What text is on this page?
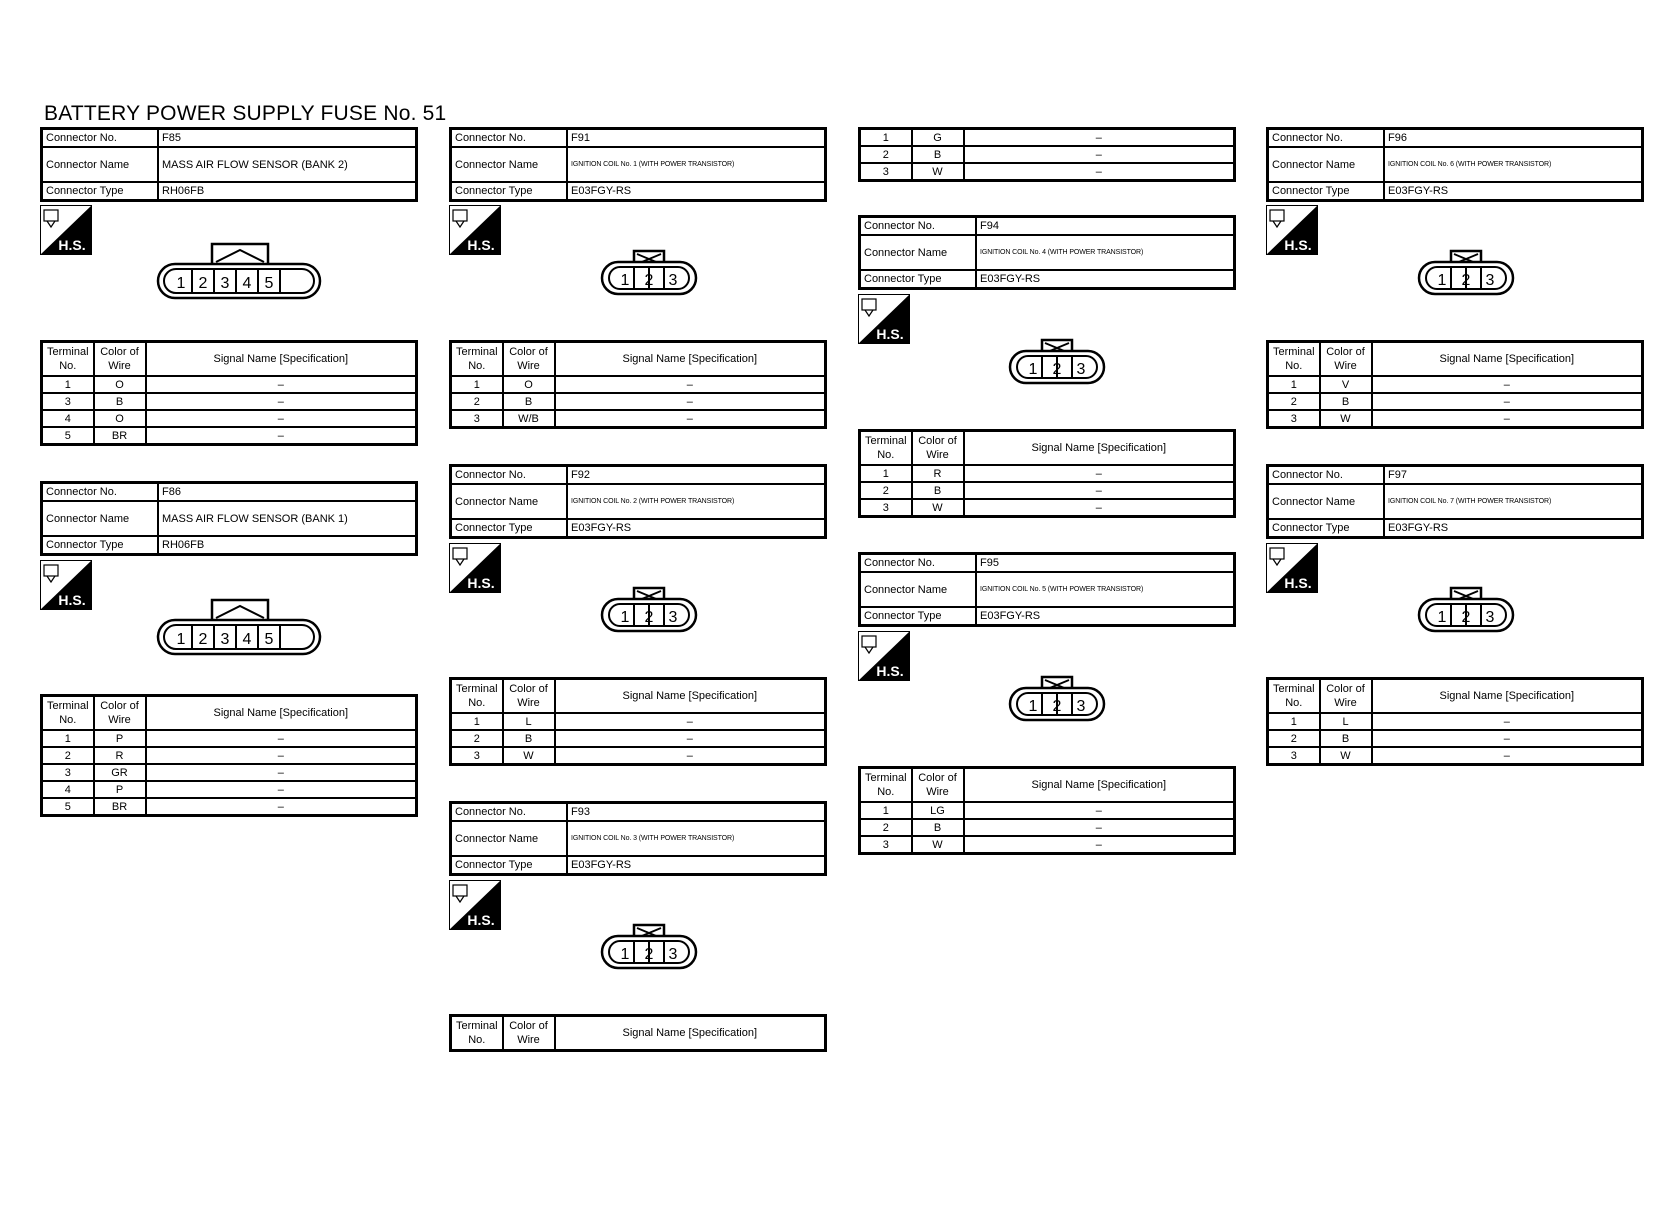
BATTERY POWER SUPPLY FUSE No. 51
Connector No.	F85
Connector Name	MASS AIR FLOW SENSOR (BANK 2)
Connector Type	RH06FB
H.S.
1 2 3 4 5
Terminal No.	Color of Wire	Signal Name [Specification]
1	O	–
3	B	–
4	O	–
5	BR	–
Connector No.	F86
Connector Name	MASS AIR FLOW SENSOR (BANK 1)
Connector Type	RH06FB
H.S.
1 2 3 4 5
Terminal No.	Color of Wire	Signal Name [Specification]
1	P	–
2	R	–
3	GR	–
4	P	–
5	BR	–
Connector No.	F91
Connector Name	IGNITION COIL No. 1 (WITH POWER TRANSISTOR)
Connector Type	E03FGY-RS
H.S.
1 2 3
Terminal No.	Color of Wire	Signal Name [Specification]
1	O	–
2	B	–
3	W/B	–
Connector No.	F92
Connector Name	IGNITION COIL No. 2 (WITH POWER TRANSISTOR)
Connector Type	E03FGY-RS
H.S.
1 2 3
Terminal No.	Color of Wire	Signal Name [Specification]
1	L	–
2	B	–
3	W	–
Connector No.	F93
Connector Name	IGNITION COIL No. 3 (WITH POWER TRANSISTOR)
Connector Type	E03FGY-RS
H.S.
1 2 3
Terminal No.	Color of Wire	Signal Name [Specification]
1	G	–
2	B	–
3	W	–
Connector No.	F94
Connector Name	IGNITION COIL No. 4 (WITH POWER TRANSISTOR)
Connector Type	E03FGY-RS
H.S.
1 2 3
Terminal No.	Color of Wire	Signal Name [Specification]
1	R	–
2	B	–
3	W	–
Connector No.	F95
Connector Name	IGNITION COIL No. 5 (WITH POWER TRANSISTOR)
Connector Type	E03FGY-RS
H.S.
1 2 3
Terminal No.	Color of Wire	Signal Name [Specification]
1	LG	–
2	B	–
3	W	–
Connector No.	F96
Connector Name	IGNITION COIL No. 6 (WITH POWER TRANSISTOR)
Connector Type	E03FGY-RS
H.S.
1 2 3
Terminal No.	Color of Wire	Signal Name [Specification]
1	V	–
2	B	–
3	W	–
Connector No.	F97
Connector Name	IGNITION COIL No. 7 (WITH POWER TRANSISTOR)
Connector Type	E03FGY-RS
H.S.
1 2 3
Terminal No.	Color of Wire	Signal Name [Specification]
1	L	–
2	B	–
3	W	–
